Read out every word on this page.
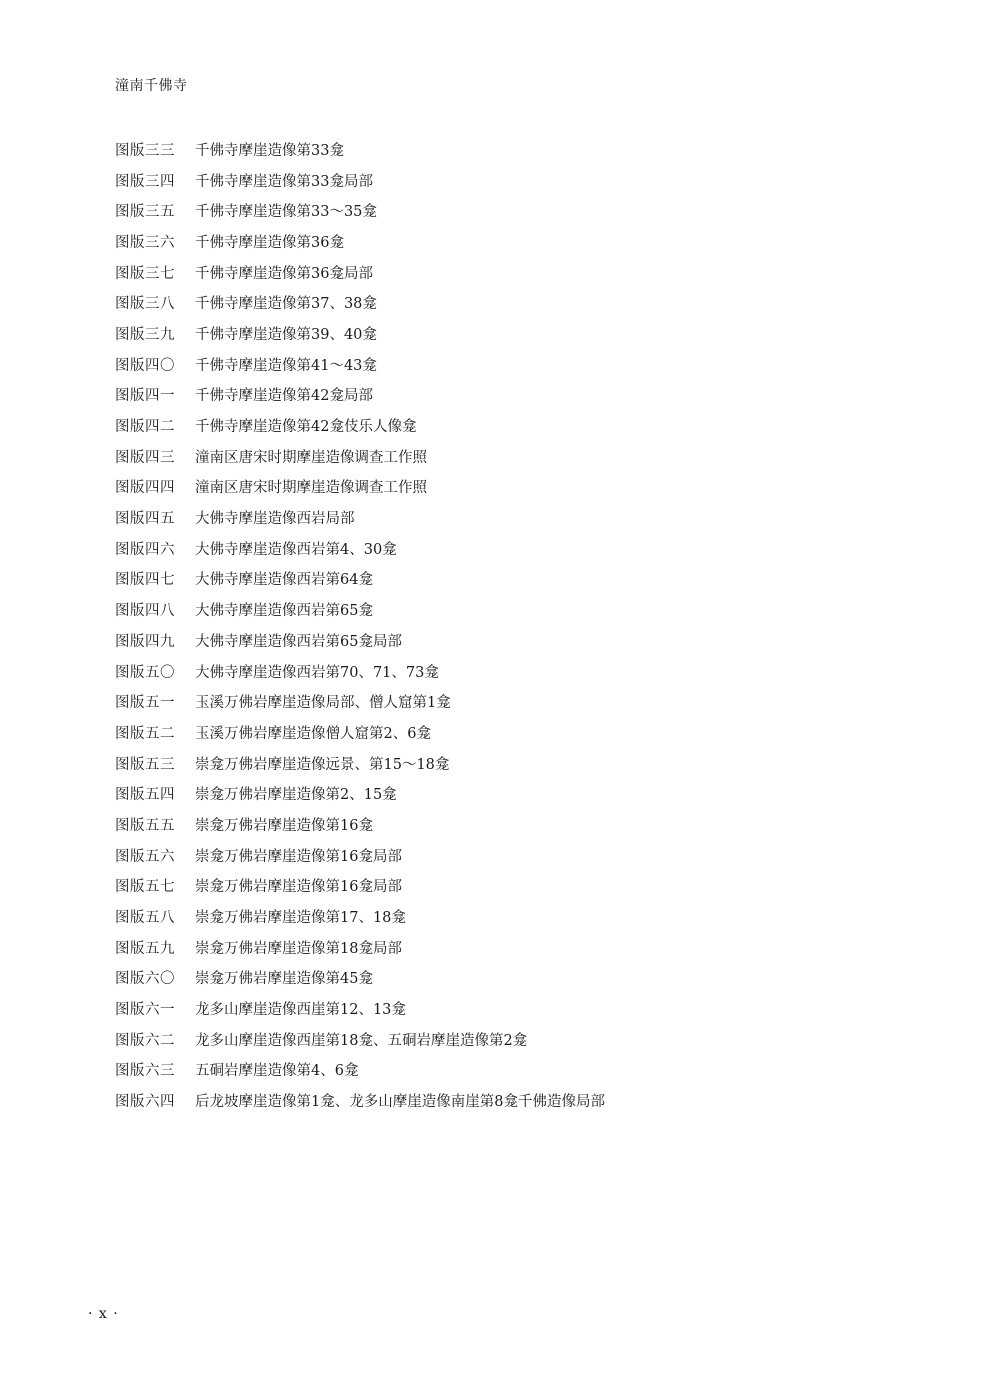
潼南千佛寺
图版三三	千佛寺摩崖造像第33龛
图版三四	千佛寺摩崖造像第33龛局部
图版三五	千佛寺摩崖造像第33～35龛
图版三六	千佛寺摩崖造像第36龛
图版三七	千佛寺摩崖造像第36龛局部
图版三八	千佛寺摩崖造像第37、38龛
图版三九	千佛寺摩崖造像第39、40龛
图版四〇	千佛寺摩崖造像第41～43龛
图版四一	千佛寺摩崖造像第42龛局部
图版四二	千佛寺摩崖造像第42龛伎乐人像龛
图版四三	潼南区唐宋时期摩崖造像调查工作照
图版四四	潼南区唐宋时期摩崖造像调查工作照
图版四五	大佛寺摩崖造像西岩局部
图版四六	大佛寺摩崖造像西岩第4、30龛
图版四七	大佛寺摩崖造像西岩第64龛
图版四八	大佛寺摩崖造像西岩第65龛
图版四九	大佛寺摩崖造像西岩第65龛局部
图版五〇	大佛寺摩崖造像西岩第70、71、73龛
图版五一	玉溪万佛岩摩崖造像局部、僧人窟第1龛
图版五二	玉溪万佛岩摩崖造像僧人窟第2、6龛
图版五三	崇龛万佛岩摩崖造像远景、第15～18龛
图版五四	崇龛万佛岩摩崖造像第2、15龛
图版五五	崇龛万佛岩摩崖造像第16龛
图版五六	崇龛万佛岩摩崖造像第16龛局部
图版五七	崇龛万佛岩摩崖造像第16龛局部
图版五八	崇龛万佛岩摩崖造像第17、18龛
图版五九	崇龛万佛岩摩崖造像第18龛局部
图版六〇	崇龛万佛岩摩崖造像第45龛
图版六一	龙多山摩崖造像西崖第12、13龛
图版六二	龙多山摩崖造像西崖第18龛、五硐岩摩崖造像第2龛
图版六三	五硐岩摩崖造像第4、6龛
图版六四	后龙坡摩崖造像第1龛、龙多山摩崖造像南崖第8龛千佛造像局部
· x ·
